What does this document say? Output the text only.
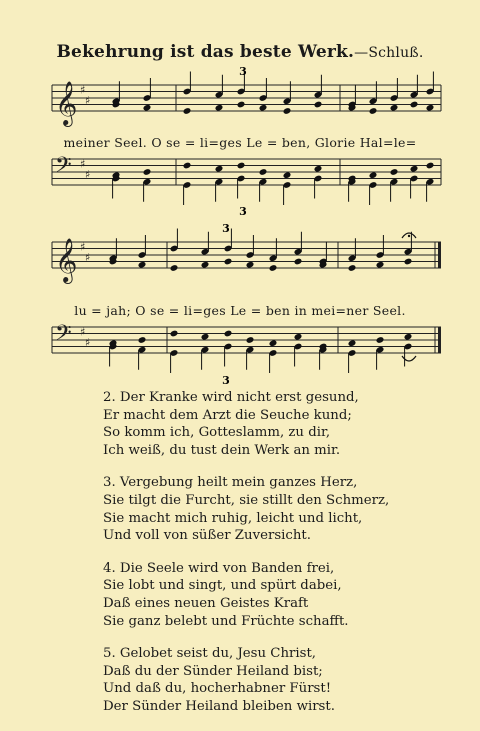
Bekehrung ist das beste Werk.—Schluß.
𝄞 ♯
♯
𝄢 ♯
♯
𝄞 ♯
♯
𝄢 ♯
♯
3
3
3
3
meiner Seel. O se = li=ges Le = ben, Glorie Hal=le=
lu = jah; O se = li=ges Le = ben in mei=ner Seel.
2. Der Kranke wird nicht erst gesund,
Er macht dem Arzt die Seuche kund;
So komm ich, Gotteslamm, zu dir,
Ich weiß, du tust dein Werk an mir.
3. Vergebung heilt mein ganzes Herz,
Sie tilgt die Furcht, sie stillt den Schmerz,
Sie macht mich ruhig, leicht und licht,
Und voll von süßer Zuversicht.
4. Die Seele wird von Banden frei,
Sie lobt und singt, und spürt dabei,
Daß eines neuen Geistes Kraft
Sie ganz belebt und Früchte schafft.
5. Gelobet seist du, Jesu Christ,
Daß du der Sünder Heiland bist;
Und daß du, hocherhabner Fürst!
Der Sünder Heiland bleiben wirst.
